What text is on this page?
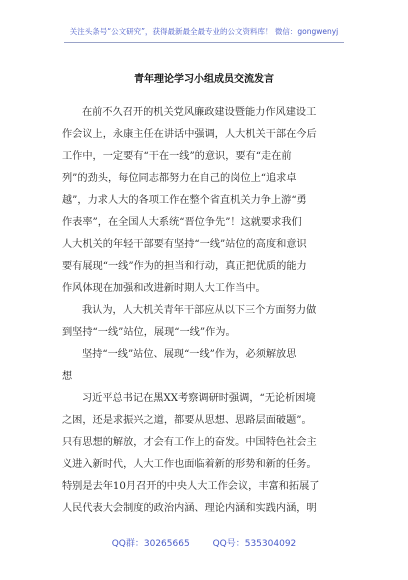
关注头条号“公文研究”，获得最新最全最专业的公文资料库！ 微信：gongwenyj
青年理论学习小组成员交流发言
在前不久召开的机关党风廉政建设暨能力作风建设工
作会议上，永康主任在讲话中强调，人大机关干部在今后
工作中，一定要有“干在一线”的意识，要有“走在前
列”的劲头，每位同志都努力在自己的岗位上“追求卓
越”，力求人大的各项工作在整个省直机关力争上游“勇
作表率”，在全国人大系统“晋位争先”！这就要求我们
人大机关的年轻干部要有坚持“一线”站位的高度和意识
要有展现“一线”作为的担当和行动，真正把优质的能力
作风体现在加强和改进新时期人大工作当中。
我认为，人大机关青年干部应从以下三个方面努力做
到坚持“一线”站位，展现“一线”作为。
坚持“一线”站位、展现“一线”作为，必须解放思
想
习近平总书记在黑XX考察调研时强调，“无论析困境
之困，还是求振兴之道，都要从思想、思路层面破题”。
只有思想的解放，才会有工作上的奋发。中国特色社会主
义进入新时代，人大工作也面临着新的形势和新的任务。
特别是去年10月召开的中央人大工作会议，丰富和拓展了
人民代表大会制度的政治内涵、理论内涵和实践内涵，明
QQ群：30265665        QQ号：535304092
